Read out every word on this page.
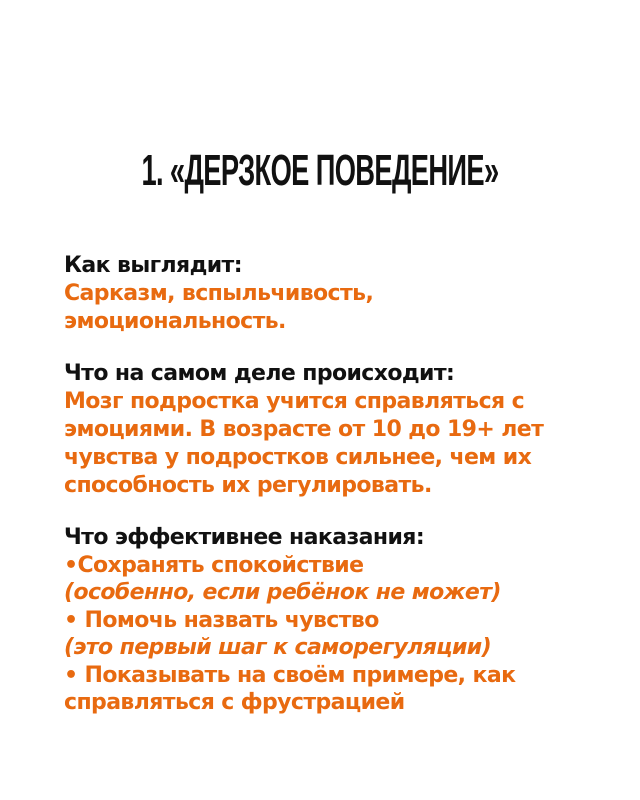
1. «ДЕРЗКОЕ ПОВЕДЕНИЕ»
Как выглядит:
Сарказм, вспыльчивость,
эмоциональность.
Что на самом деле происходит:
Мозг подростка учится справляться с
эмоциями. В возрасте от 10 до 19+ лет
чувства у подростков сильнее, чем их
способность их регулировать.
Что эффективнее наказания:
•Сохранять спокойствие
(особенно, если ребёнок не может)
• Помочь назвать чувство
(это первый шаг к саморегуляции)
• Показывать на своём примере, как
справляться с фрустрацией
